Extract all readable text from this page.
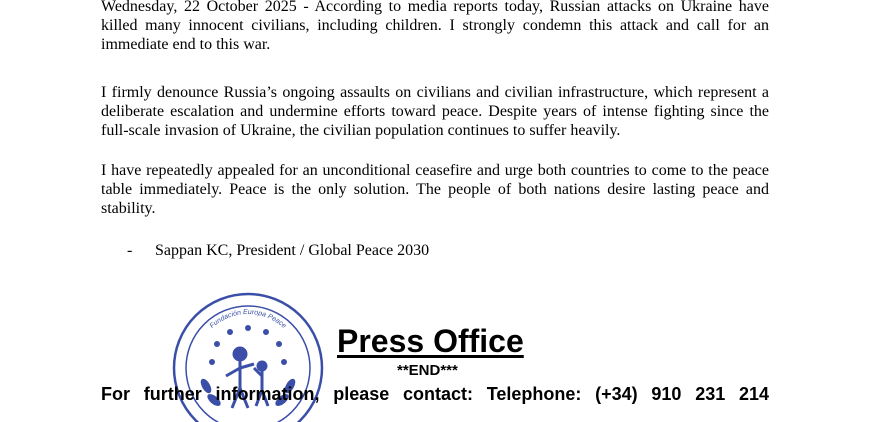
Wednesday, 22 October 2025 - According to media reports today, Russian attacks on Ukraine have killed many innocent civilians, including children. I strongly condemn this attack and call for an immediate end to this war.

I firmly denounce Russia’s ongoing assaults on civilians and civilian infrastructure, which represent a deliberate escalation and undermine efforts toward peace. Despite years of intense fighting since the full-scale invasion of Ukraine, the civilian population continues to suffer heavily.

I have repeatedly appealed for an unconditional ceasefire and urge both countries to come to the peace table immediately. Peace is the only solution. The people of both nations desire lasting peace and stability.

- Sappan KC, President / Global Peace 2030
Fundación Europa Peace Press Office
**END***
For further information, please contact: Telephone: (+34) 910 231 214
